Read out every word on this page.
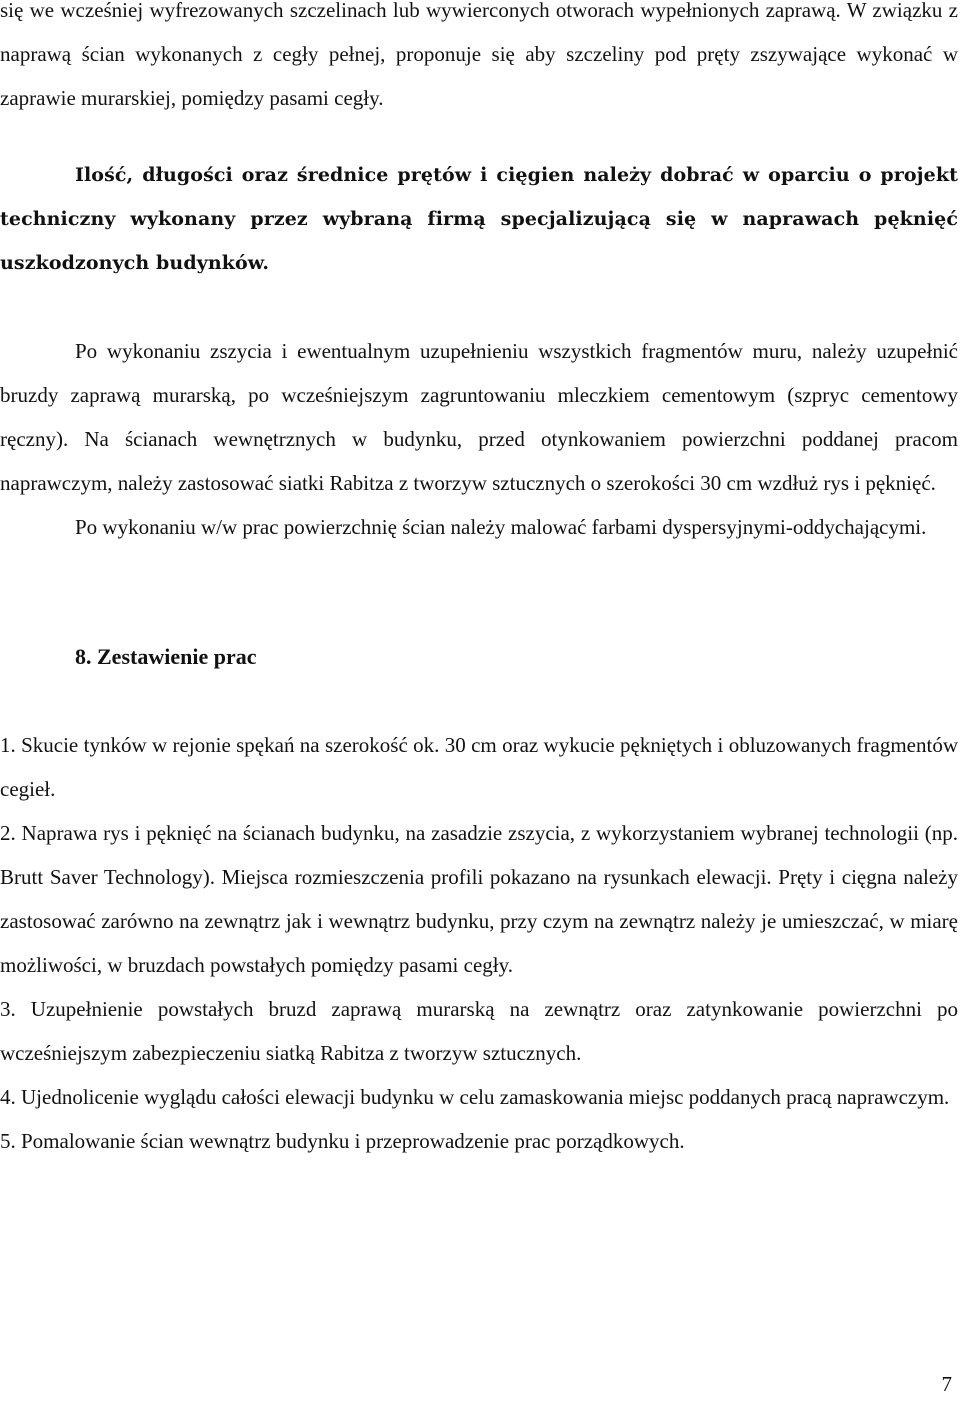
się we wcześniej wyfrezowanych szczelinach lub wywierconych otworach wypełnionych zaprawą. W związku z naprawą ścian wykonanych z cegły pełnej, proponuje się aby szczeliny pod pręty zszywające wykonać w zaprawie murarskiej, pomiędzy pasami cegły.

Ilość, długości oraz średnice prętów i cięgien należy dobrać w oparciu o projekt techniczny wykonany przez wybraną firmą specjalizującą się w naprawach pęknięć uszkodzonych budynków.

Po wykonaniu zszycia i ewentualnym uzupełnieniu wszystkich fragmentów muru, należy uzupełnić bruzdy zaprawą murarską, po wcześniejszym zagruntowaniu mleczkiem cementowym (szpryc cementowy ręczny). Na ścianach wewnętrznych w budynku, przed otynkowaniem powierzchni poddanej pracom naprawczym, należy zastosować siatki Rabitza z tworzyw sztucznych o szerokości 30 cm wzdłuż rys i pęknięć.

Po wykonaniu w/w prac powierzchnię ścian należy malować farbami dyspersyjnymi-oddychającymi.

8. Zestawienie prac

1. Skucie tynków w rejonie spękań na szerokość ok. 30 cm oraz wykucie pękniętych i obluzowanych fragmentów cegieł.

2. Naprawa rys i pęknięć na ścianach budynku, na zasadzie zszycia, z wykorzystaniem wybranej technologii (np. Brutt Saver Technology). Miejsca rozmieszczenia profili pokazano na rysunkach elewacji. Pręty i cięgna należy zastosować zarówno na zewnątrz jak i wewnątrz budynku, przy czym na zewnątrz należy je umieszczać, w miarę możliwości, w bruzdach powstałych pomiędzy pasami cegły.

3. Uzupełnienie powstałych bruzd zaprawą murarską na zewnątrz oraz zatynkowanie powierzchni po wcześniejszym zabezpieczeniu siatką Rabitza z tworzyw sztucznych.

4. Ujednolicenie wyglądu całości elewacji budynku w celu zamaskowania miejsc poddanych pracą naprawczym.

5. Pomalowanie ścian wewnątrz budynku i przeprowadzenie prac porządkowych.

7
